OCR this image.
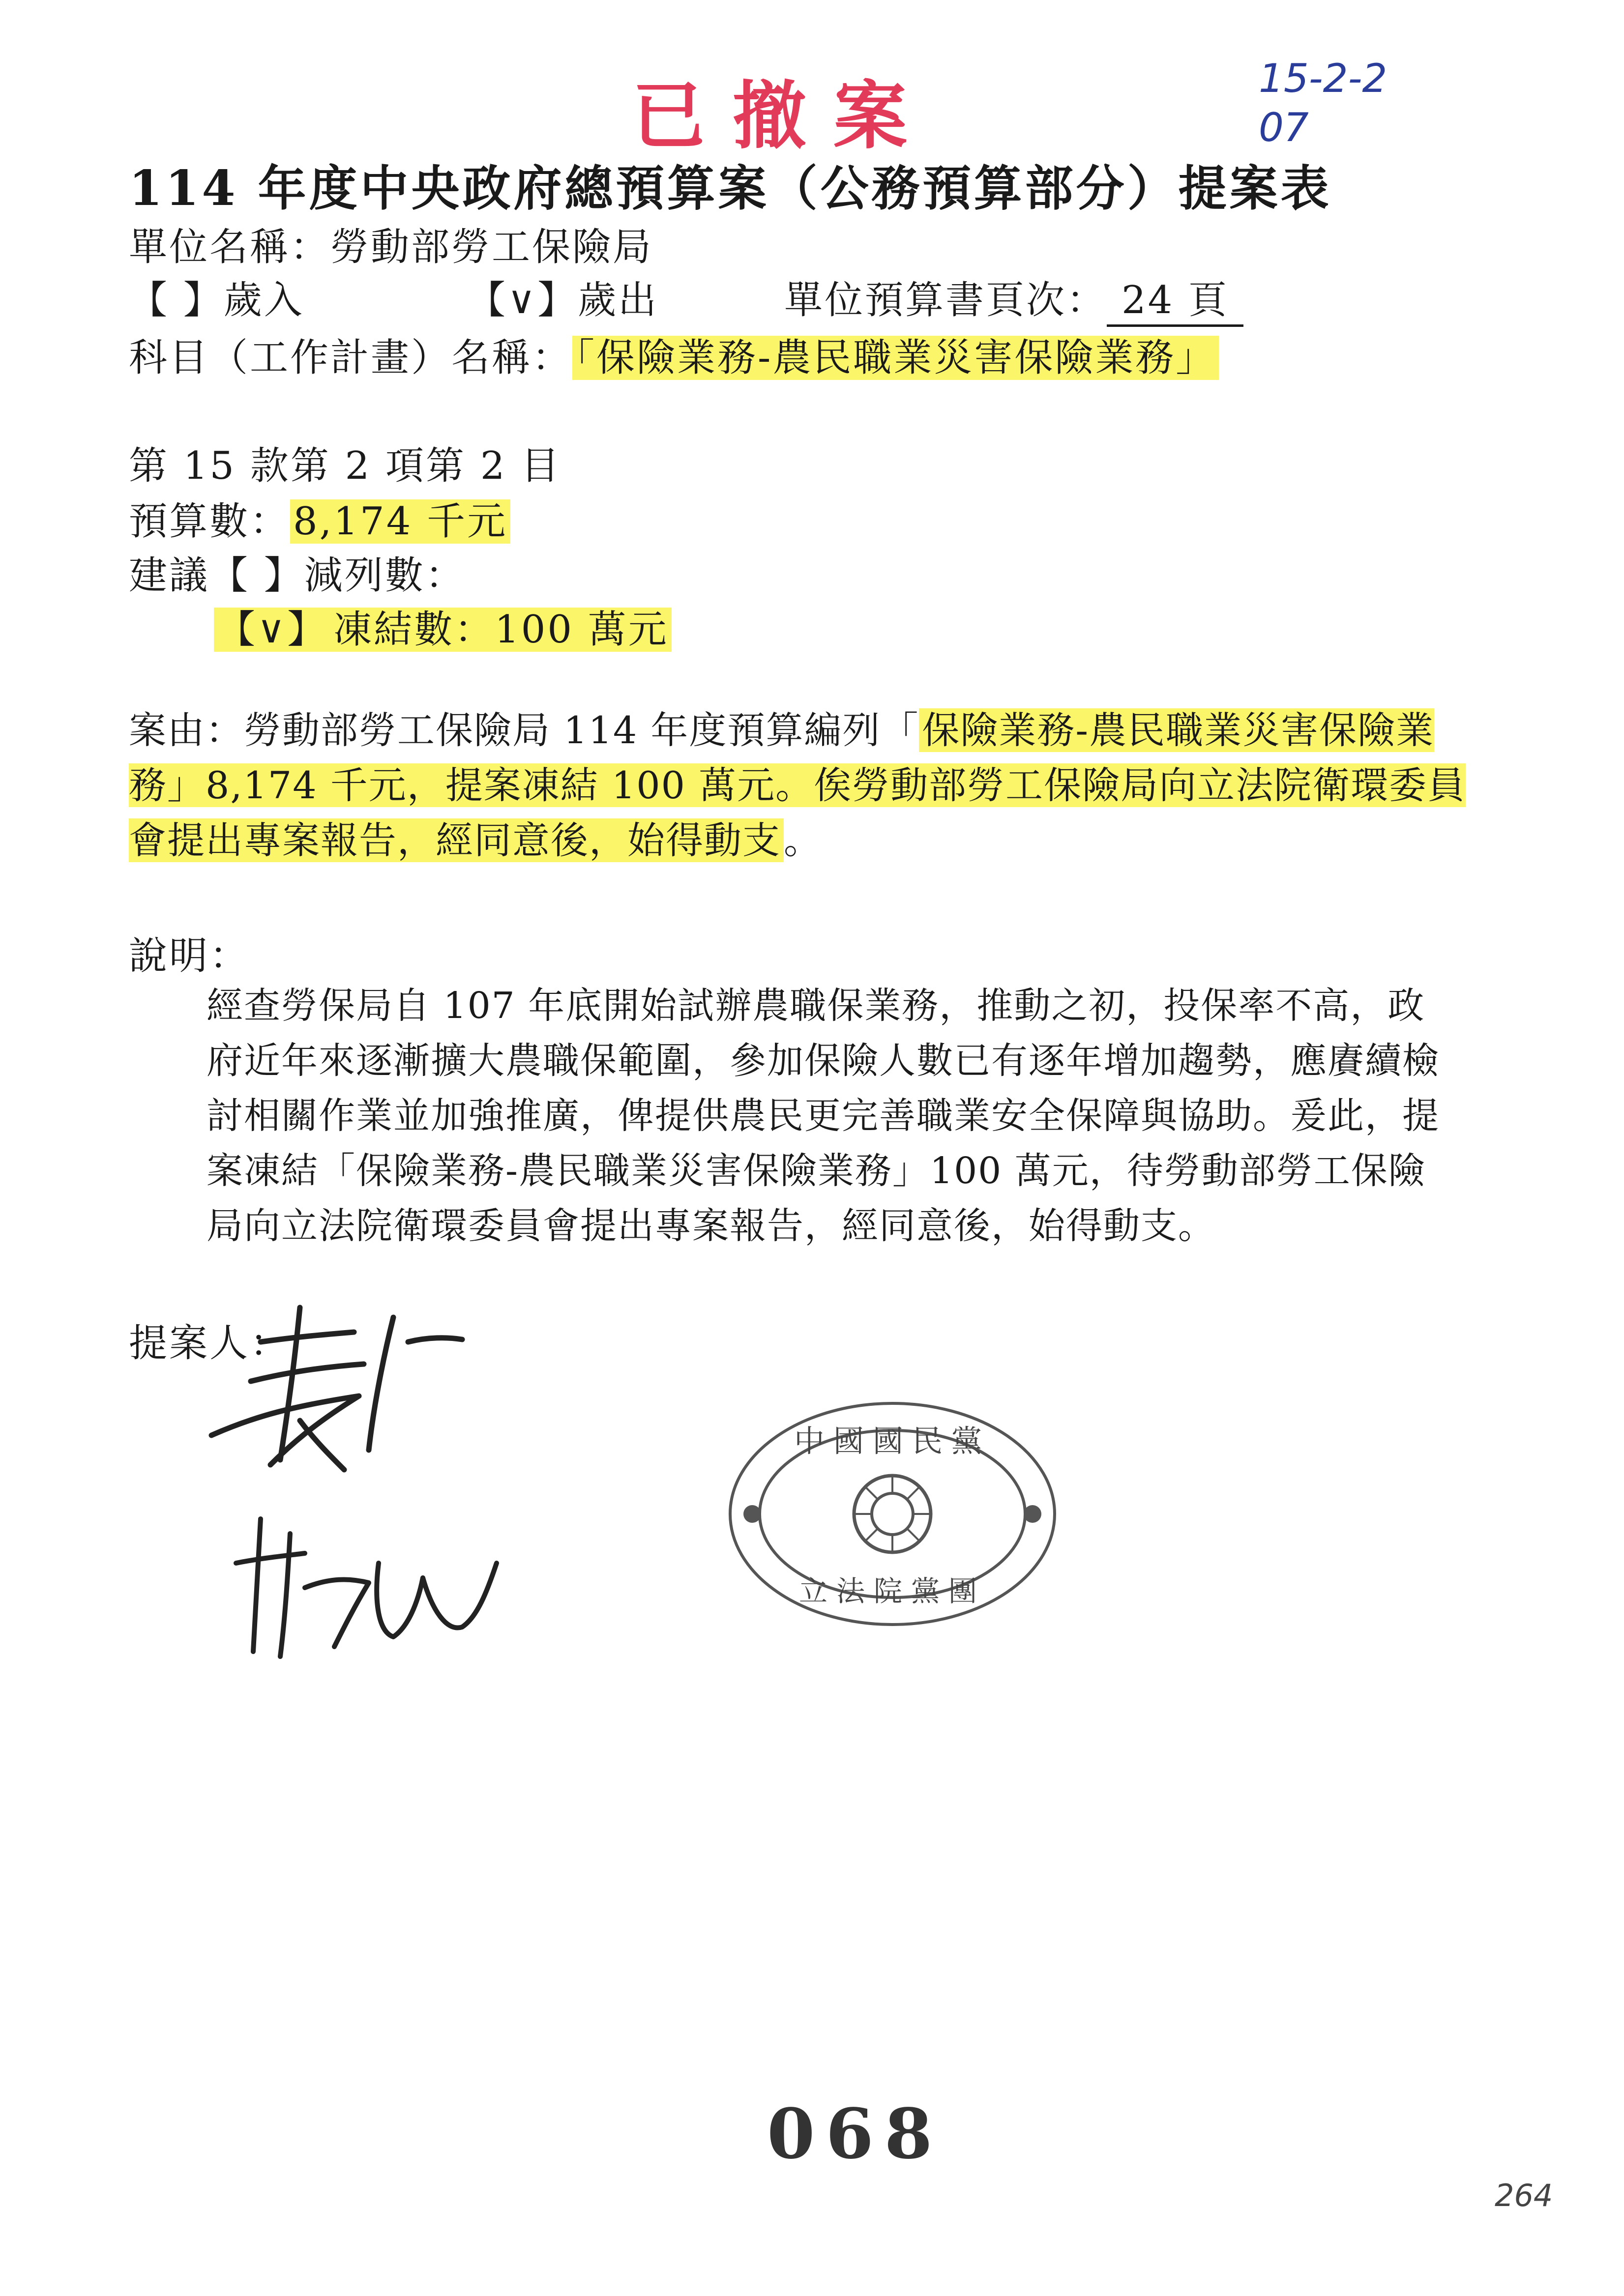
已撤案	15-2-2
07
114 年度中央政府總預算案（公務預算部分）提案表
單位名稱：勞動部勞工保險局
【 】歲入	【∨】歲出	單位預算書頁次： 24 頁
科目（工作計畫）名稱：「保險業務-農民職業災害保險業務」
第 15 款第 2 項第 2 目
預算數：8,174 千元
建議【 】減列數：
【∨】 凍結數：100 萬元
案由：勞動部勞工保險局 114 年度預算編列「保險業務-農民職業災害保險業務」8,174 千元，提案凍結 100 萬元。俟勞動部勞工保險局向立法院衛環委員會提出專案報告，經同意後，始得動支。
說明：
經查勞保局自 107 年底開始試辦農職保業務，推動之初，投保率不高，政府近年來逐漸擴大農職保範圍，參加保險人數已有逐年增加趨勢，應賡續檢討相關作業並加強推廣，俾提供農民更完善職業安全保障與協助。爰此，提案凍結「保險業務-農民職業災害保險業務」100 萬元，待勞動部勞工保險局向立法院衛環委員會提出專案報告，經同意後，始得動支。
提案人：
中國國民黨
立法院黨團
068
264
